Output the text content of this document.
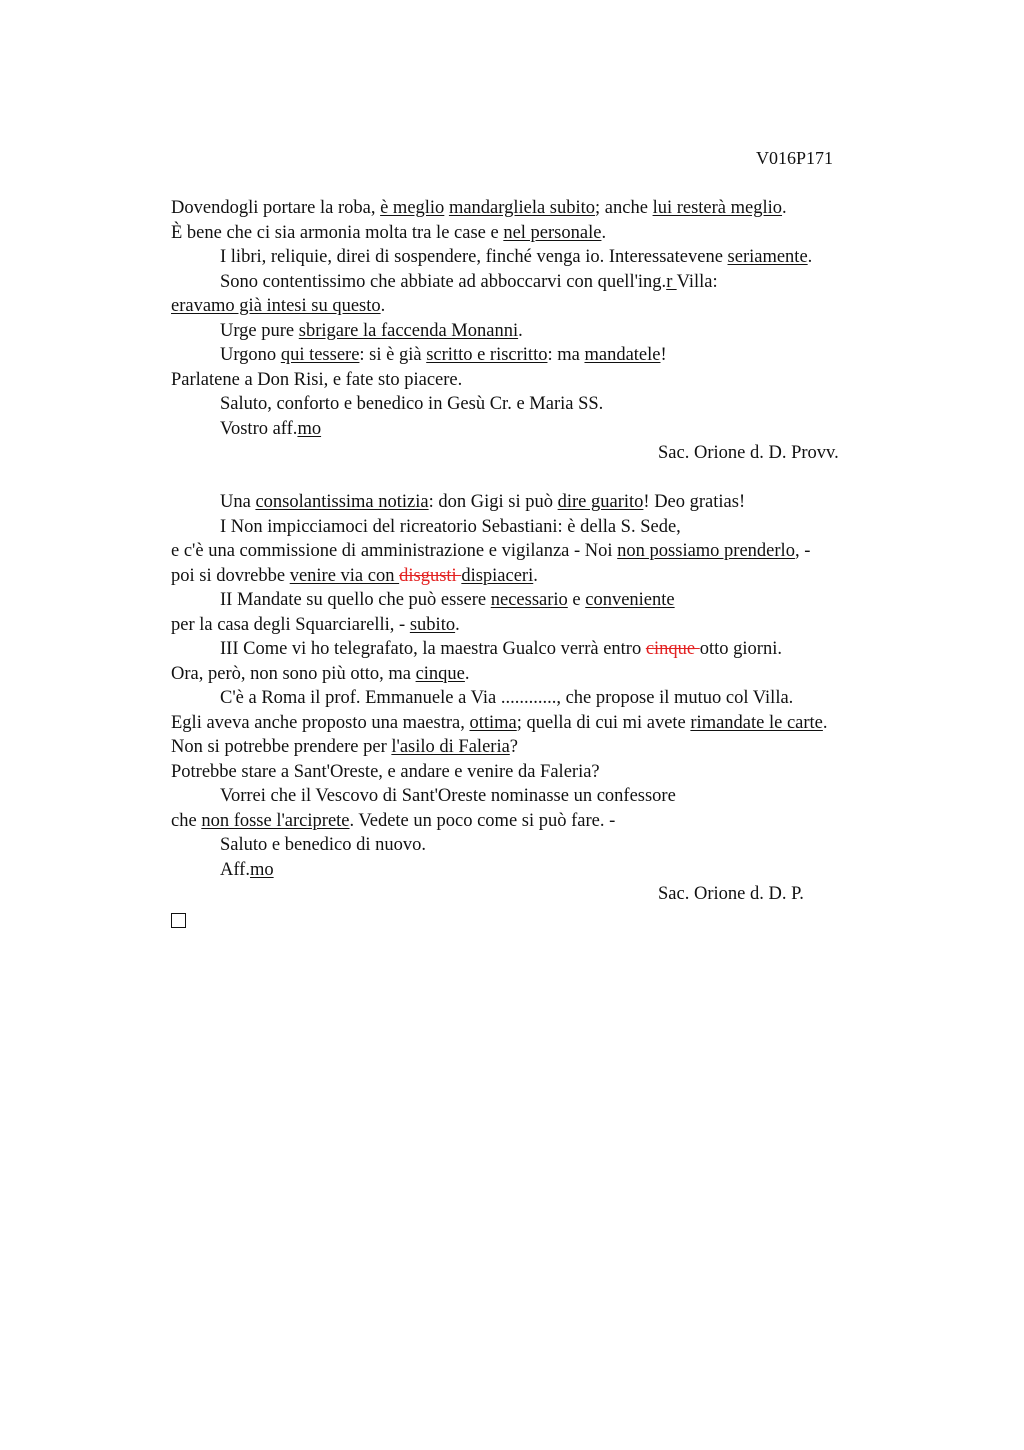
V016P171
Dovendogli portare la roba, è meglio mandargliela subito; anche lui resterà meglio.
È bene che ci sia armonia molta tra le case e nel personale.
I libri, reliquie, direi di sospendere, finché venga io. Interessatevene seriamente.
Sono contentissimo che abbiate ad abboccarvi con quell'ing.r Villa:
eravamo già intesi su questo.
Urge pure sbrigare la faccenda Monanni.
Urgono qui tessere: si è già scritto e riscritto: ma mandatele!
Parlatene a Don Risi, e fate sto piacere.
Saluto, conforto e benedico in Gesù Cr. e Maria SS.
Vostro aff.mo
Sac. Orione d. D. Provv.
Una consolantissima notizia: don Gigi si può dire guarito! Deo gratias!
I Non impicciamoci del ricreatorio Sebastiani: è della S. Sede,
e c'è una commissione di amministrazione e vigilanza - Noi non possiamo prenderlo, -
poi si dovrebbe venire via con disgusti dispiaceri.
II Mandate su quello che può essere necessario e conveniente
per la casa degli Squarciarelli, - subito.
III Come vi ho telegrafato, la maestra Gualco verrà entro cinque otto giorni.
Ora, però, non sono più otto, ma cinque.
C'è a Roma il prof. Emmanuele a Via ............, che propose il mutuo col Villa.
Egli aveva anche proposto una maestra, ottima; quella di cui mi avete rimandate le carte.
Non si potrebbe prendere per l'asilo di Faleria?
Potrebbe stare a Sant'Oreste, e andare e venire da Faleria?
Vorrei che il Vescovo di Sant'Oreste nominasse un confessore
che non fosse l'arciprete. Vedete un poco come si può fare. -
Saluto e benedico di nuovo.
Aff.mo
Sac. Orione d. D. P.
